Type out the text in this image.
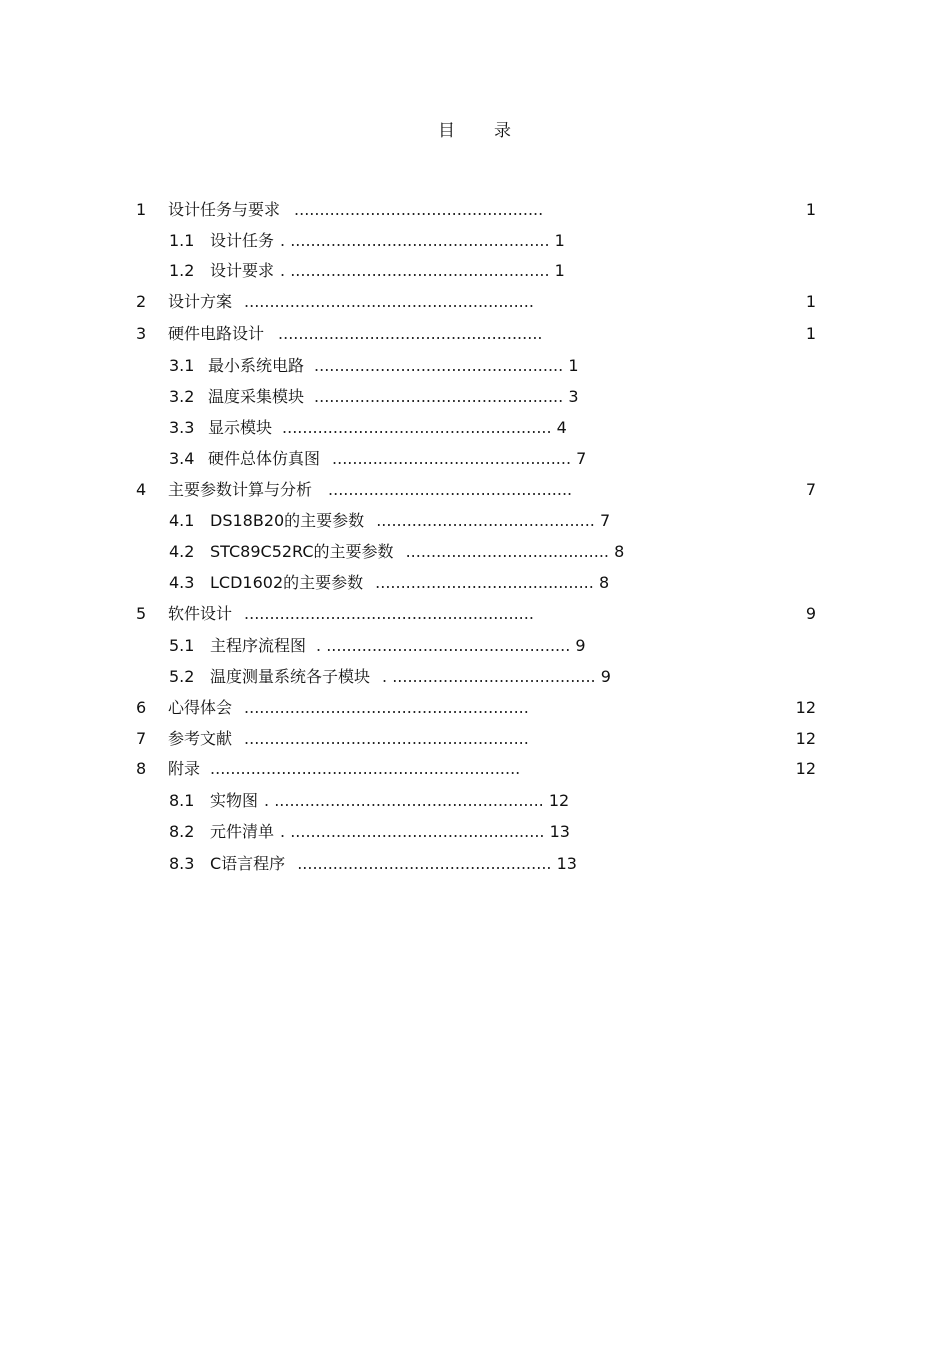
目 录
1 设计任务与要求 .................................................	1
1.1 设计任务 . ................................................... 1
1.2 设计要求 . ................................................... 1
2 设计方案 .........................................................	1
3 硬件电路设计 ....................................................	1
3.1 最小系统电路 ................................................. 1
3.2 温度采集模块 ................................................. 3
3.3 显示模块 ..................................................... 4
3.4 硬件总体仿真图 ............................................... 7
4 主要参数计算与分析 ................................................	7
4.1 DS18B20的主要参数 ........................................... 7
4.2 STC89C52RC的主要参数 ........................................ 8
4.3 LCD1602的主要参数 ........................................... 8
5 软件设计 .........................................................	9
5.1 主程序流程图 . ................................................ 9
5.2 温度测量系统各子模块 . ........................................ 9
6 心得体会 ........................................................	12
7 参考文献 ........................................................	12
8 附录 .............................................................	12
8.1 实物图 . ..................................................... 12
8.2 元件清单 . .................................................. 13
8.3 C语言程序 .................................................. 13
